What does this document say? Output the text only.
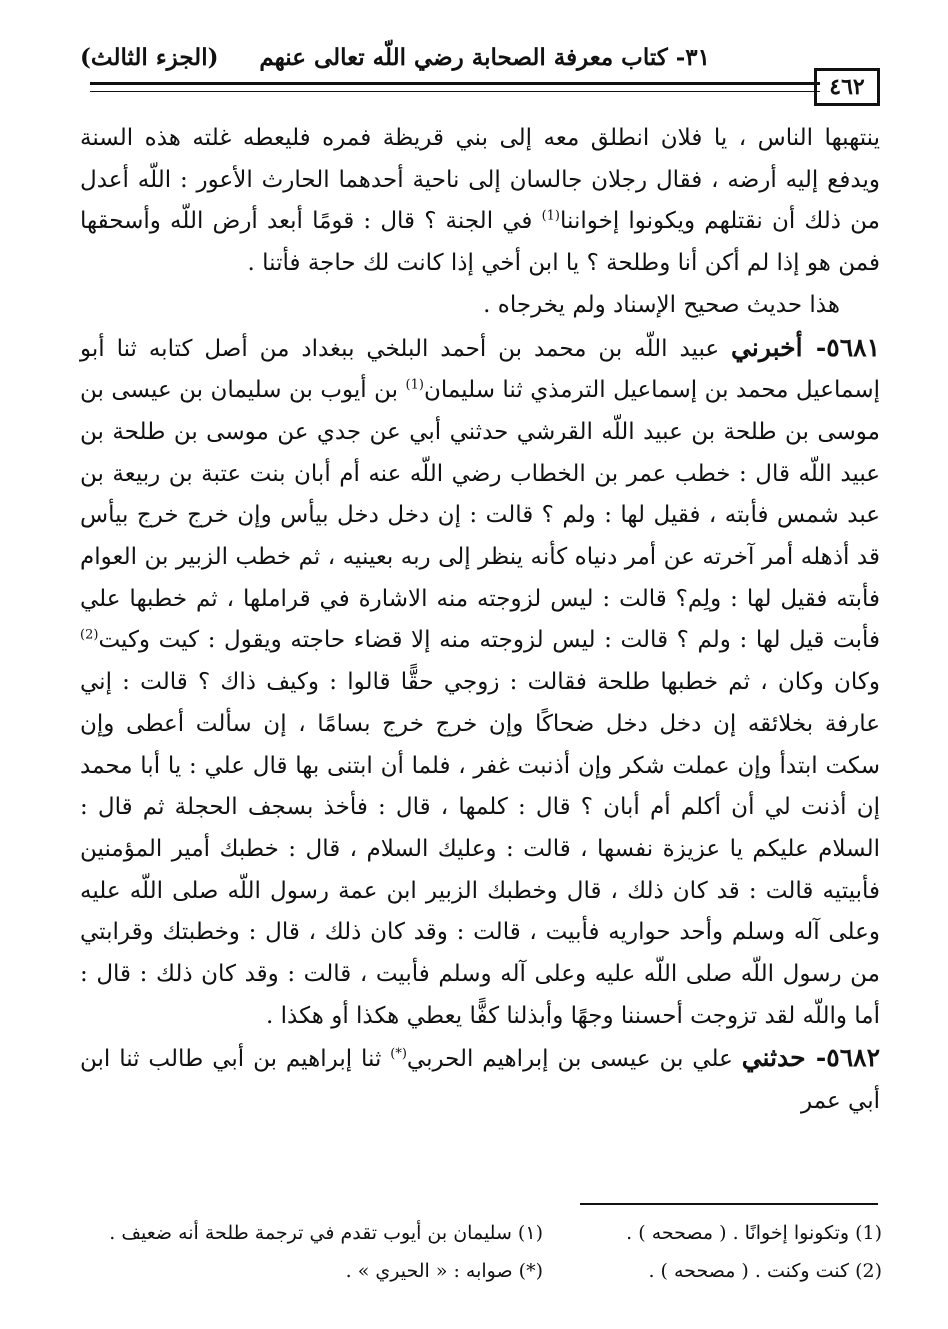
٣١- كتاب معرفة الصحابة رضي اللّه تعالى عنهم
(الجزء الثالث)
٤٦٢

ينتهبها الناس ، يا فلان انطلق معه إلى بني قريظة فمره فليعطه غلته هذه السنة ويدفع إليه أرضه ، فقال رجلان جالسان إلى ناحية أحدهما الحارث الأعور : اللّه أعدل من ذلك أن نقتلهم ويكونوا إخواننا$^{(1)}$ في الجنة ؟ قال : قومًا أبعد أرض اللّه وأسحقها فمن هو إذا لم أكن أنا وطلحة ؟ يا ابن أخي إذا كانت لك حاجة فأتنا .

هذا حديث صحيح الإسناد ولم يخرجاه .

٥٦٨١- أخبرني عبيد اللّه بن محمد بن أحمد البلخي ببغداد من أصل كتابه ثنا أبو إسماعيل محمد بن إسماعيل الترمذي ثنا سليمان$^{(1)}$ بن أيوب بن سليمان بن عيسى بن موسى بن طلحة بن عبيد اللّه القرشي حدثني أبي عن جدي عن موسى بن طلحة بن عبيد اللّه قال : خطب عمر بن الخطاب رضي اللّه عنه أم أبان بنت عتبة بن ربيعة بن عبد شمس فأبته ، فقيل لها : ولم ؟ قالت : إن دخل دخل بيأس وإن خرج خرج بيأس قد أذهله أمر آخرته عن أمر دنياه كأنه ينظر إلى ربه بعينيه ، ثم خطب الزبير بن العوام فأبته فقيل لها : ولِم؟ قالت : ليس لزوجته منه الاشارة في قراملها ، ثم خطبها علي فأبت قيل لها : ولم ؟ قالت : ليس لزوجته منه إلا قضاء حاجته ويقول : كيت وكيت$^{(2)}$ وكان وكان ، ثم خطبها طلحة فقالت : زوجي حقًّا قالوا : وكيف ذاك ؟ قالت : إني عارفة بخلائقه إن دخل دخل ضحاكًا وإن خرج خرج بسامًا ، إن سألت أعطى وإن سكت ابتدأ وإن عملت شكر وإن أذنبت غفر ، فلما أن ابتنى بها قال علي : يا أبا محمد إن أذنت لي أن أكلم أم أبان ؟ قال : كلمها ، قال : فأخذ بسجف الحجلة ثم قال : السلام عليكم يا عزيزة نفسها ، قالت : وعليك السلام ، قال : خطبك أمير المؤمنين فأبيتيه قالت : قد كان ذلك ، قال وخطبك الزبير ابن عمة رسول اللّه صلى اللّه عليه وعلى آله وسلم وأحد حواريه فأبيت ، قالت : وقد كان ذلك ، قال : وخطبتك وقرابتي من رسول اللّه صلى اللّه عليه وعلى آله وسلم فأبيت ، قالت : وقد كان ذلك : قال : أما واللّه لقد تزوجت أحسننا وجهًا وأبذلنا كفًّا يعطي هكذا أو هكذا .

٥٦٨٢- حدثني علي بن عيسى بن إبراهيم الحربي(*) ثنا إبراهيم بن أبي طالب ثنا ابن أبي عمر

(1) وتكونوا إخوانًا . ( مصححه ) .
(2) كنت وكنت . ( مصححه ) .
(١) سليمان بن أيوب تقدم في ترجمة طلحة أنه ضعيف .
(*) صوابه : « الحيري » .
